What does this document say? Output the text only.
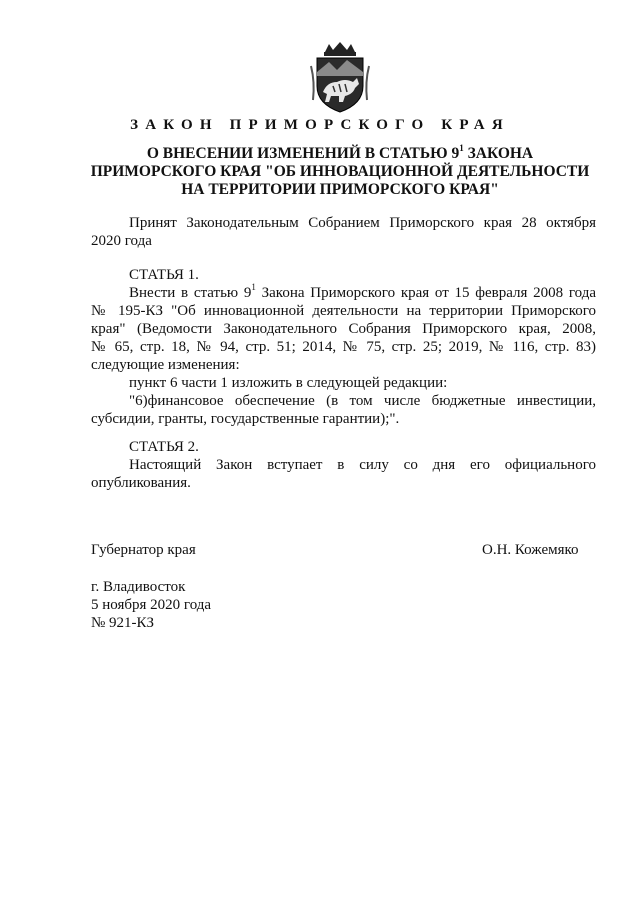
ЗАКОН ПРИМОРСКОГО КРАЯ
О ВНЕСЕНИИ ИЗМЕНЕНИЙ В СТАТЬЮ $9^1$ ЗАКОНА
ПРИМОРСКОГО КРАЯ "ОБ ИННОВАЦИОННОЙ ДЕЯТЕЛЬНОСТИ
НА ТЕРРИТОРИИ ПРИМОРСКОГО КРАЯ"
Принят Законодательным Собранием Приморского края 28 октября
2020 года
СТАТЬЯ 1.
Внести в статью $9^1$ Закона Приморского края от 15 февраля 2008 года
№ 195-КЗ "Об инновационной деятельности на территории Приморского
края" (Ведомости Законодательного Собрания Приморского края, 2008,
№ 65, стр. 18, № 94, стр. 51; 2014, № 75, стр. 25; 2019, № 116, стр. 83)
следующие изменения:
пункт 6 части 1 изложить в следующей редакции:
"6)финансовое обеспечение (в том числе бюджетные инвестиции,
субсидии, гранты, государственные гарантии);".
СТАТЬЯ 2.
Настоящий Закон вступает в силу со дня его официального
опубликования.
Губернатор края	О.Н. Кожемяко
г. Владивосток
5 ноября 2020 года
№ 921-КЗ
